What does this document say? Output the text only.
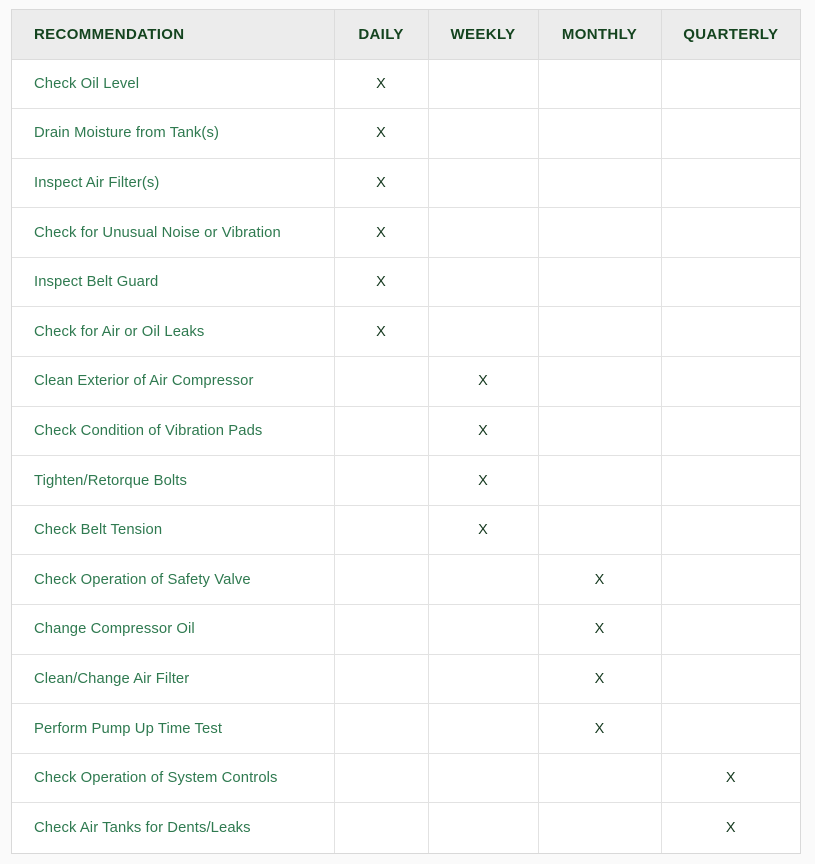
RECOMMENDATION	DAILY	WEEKLY	MONTHLY	QUARTERLY
Check Oil Level	X			
Drain Moisture from Tank(s)	X			
Inspect Air Filter(s)	X			
Check for Unusual Noise or Vibration	X			
Inspect Belt Guard	X			
Check for Air or Oil Leaks	X			
Clean Exterior of Air Compressor		X		
Check Condition of Vibration Pads		X		
Tighten/Retorque Bolts		X		
Check Belt Tension		X		
Check Operation of Safety Valve			X	
Change Compressor Oil			X	
Clean/Change Air Filter			X	
Perform Pump Up Time Test			X	
Check Operation of System Controls				X
Check Air Tanks for Dents/Leaks				X
